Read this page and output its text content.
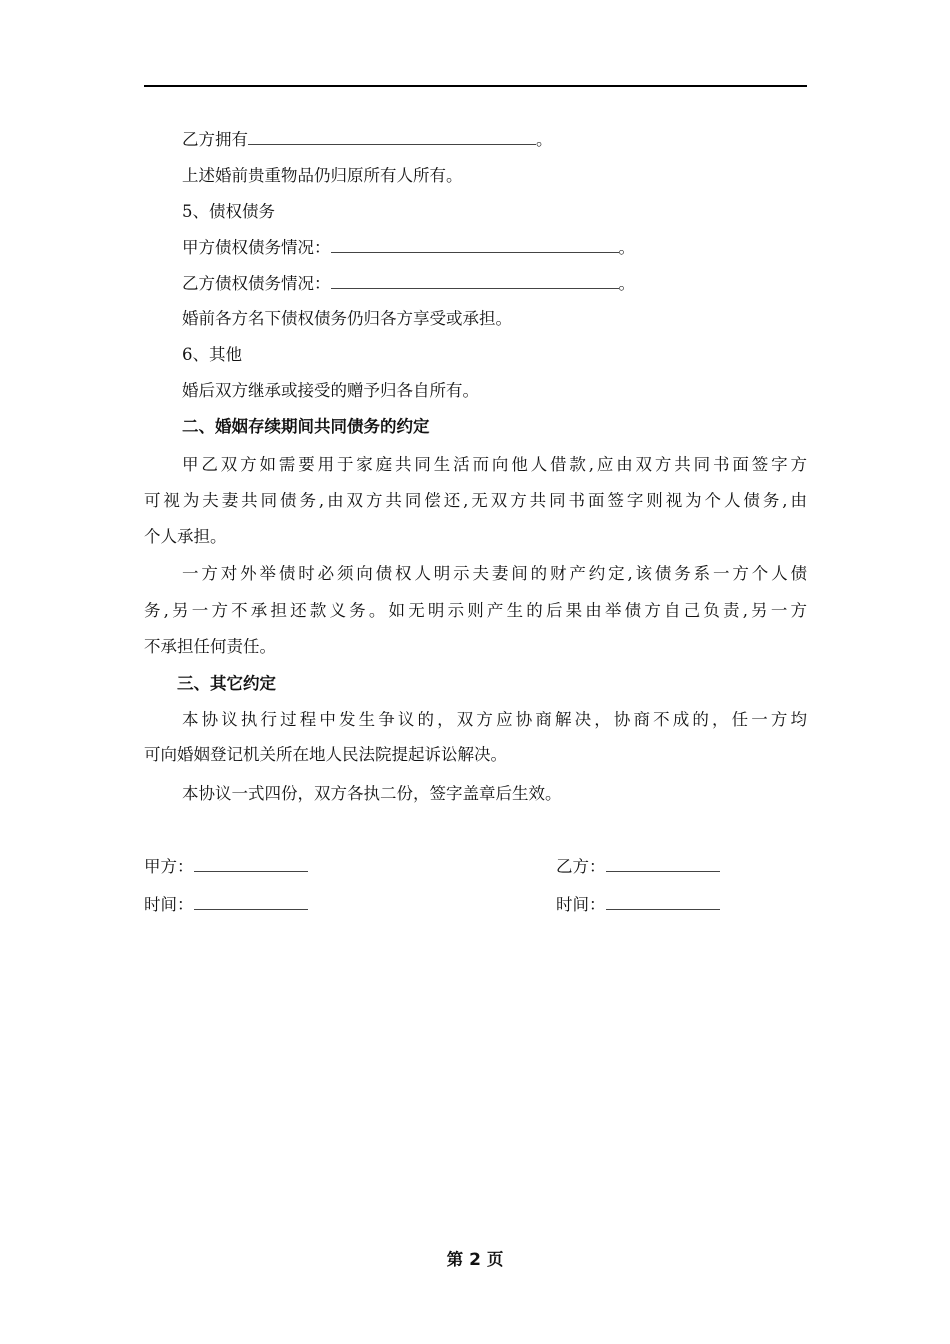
乙方拥有	。
上述婚前贵重物品仍归原所有人所有。
5、债权债务
甲方债权债务情况：	。
乙方债权债务情况：	。
婚前各方名下债权债务仍归各方享受或承担。
6、其他
婚后双方继承或接受的赠予归各自所有。
二、婚姻存续期间共同债务的约定
甲乙双方如需要用于家庭共同生活而向他人借款,应由双方共同书面签字方
可视为夫妻共同债务,由双方共同偿还,无双方共同书面签字则视为个人债务,由
个人承担。
一方对外举债时必须向债权人明示夫妻间的财产约定,该债务系一方个人债
务,另一方不承担还款义务。如无明示则产生的后果由举债方自己负责,另一方
不承担任何责任。
三、其它约定
本协议执行过程中发生争议的，双方应协商解决，协商不成的，任一方均
可向婚姻登记机关所在地人民法院提起诉讼解决。
本协议一式四份，双方各执二份，签字盖章后生效。
甲方：	乙方：
时间：	时间：
第 2 页
